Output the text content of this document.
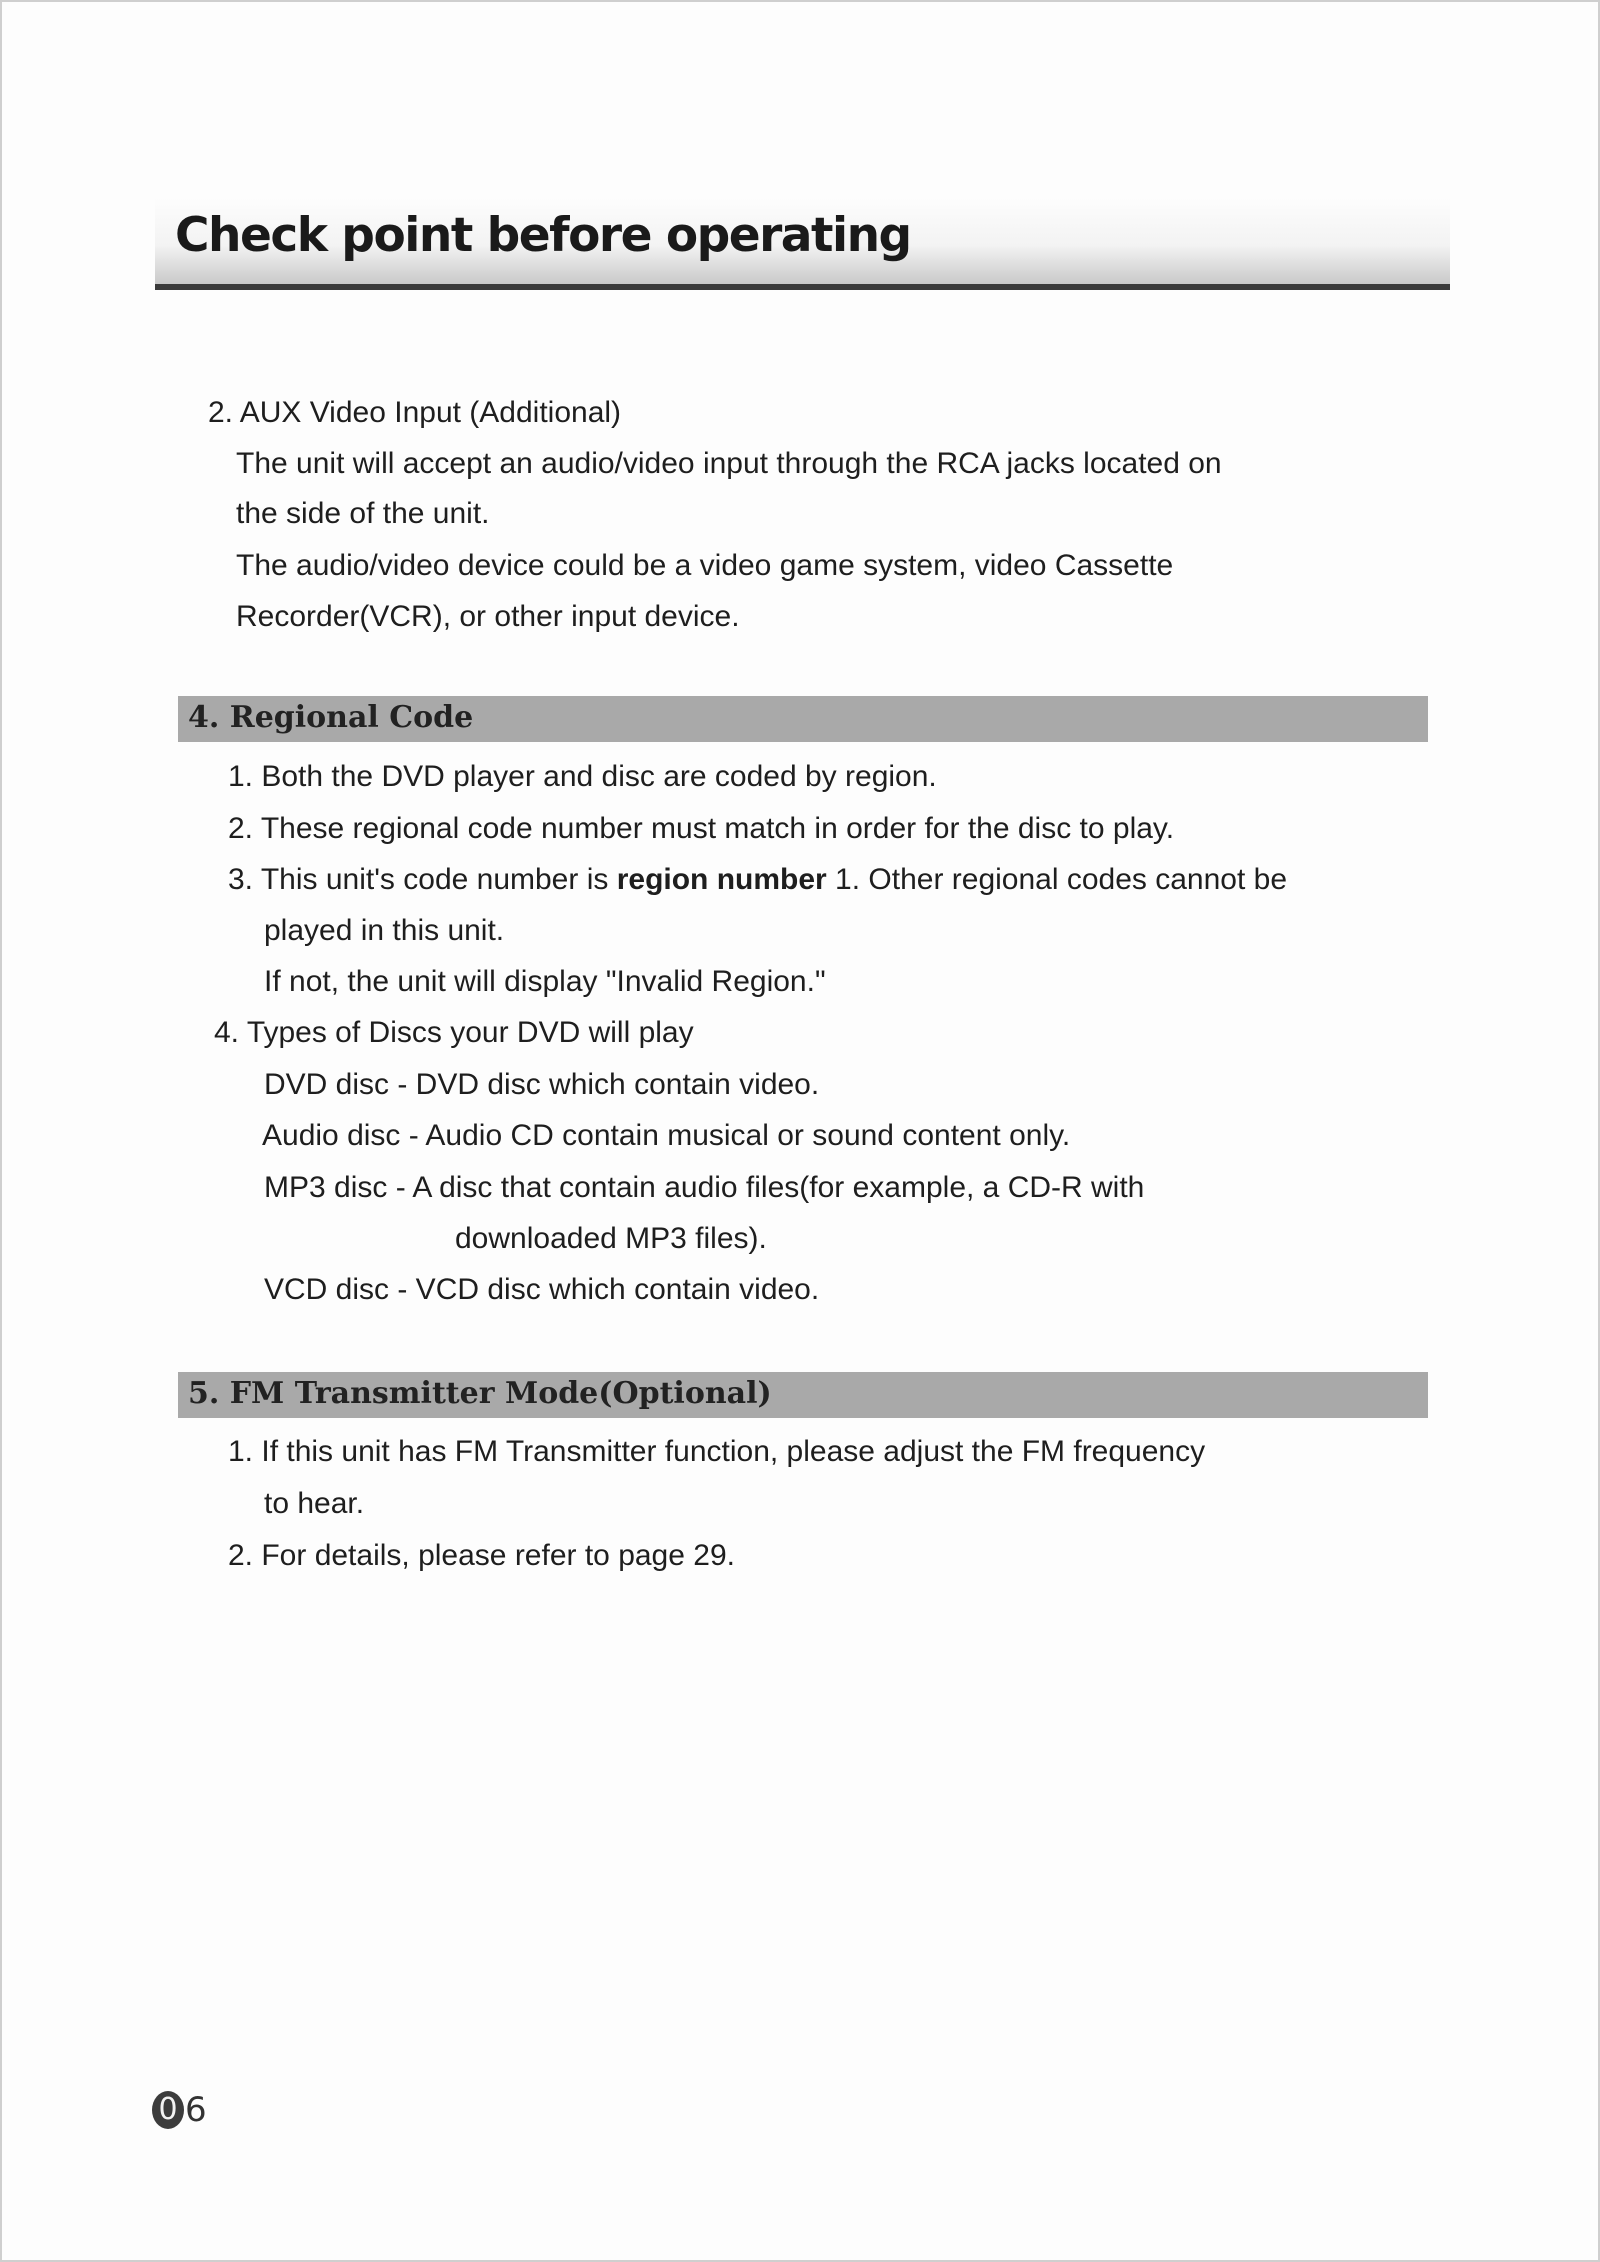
Check point before operating

2. AUX Video Input (Additional)

The unit will accept an audio/video input through the RCA jacks located on

the side of the unit.

The audio/video device could be a video game system, video Cassette

Recorder(VCR), or other input device.

4. Regional Code

1. Both the DVD player and disc are coded by region.

2. These regional code number must match in order for the disc to play.

3. This unit's code number is region number 1. Other regional codes cannot be

played in this unit.

If not, the unit will display "Invalid Region."

4. Types of Discs your DVD will play

DVD disc - DVD disc which contain video.

Audio disc - Audio CD contain musical or sound content only.

MP3 disc - A disc that contain audio files(for example, a CD-R with

downloaded MP3 files).

VCD disc - VCD disc which contain video.

5. FM Transmitter Mode(Optional)

1. If this unit has FM Transmitter function, please adjust the FM frequency

to hear.

2. For details, please refer to page 29.

0 6
